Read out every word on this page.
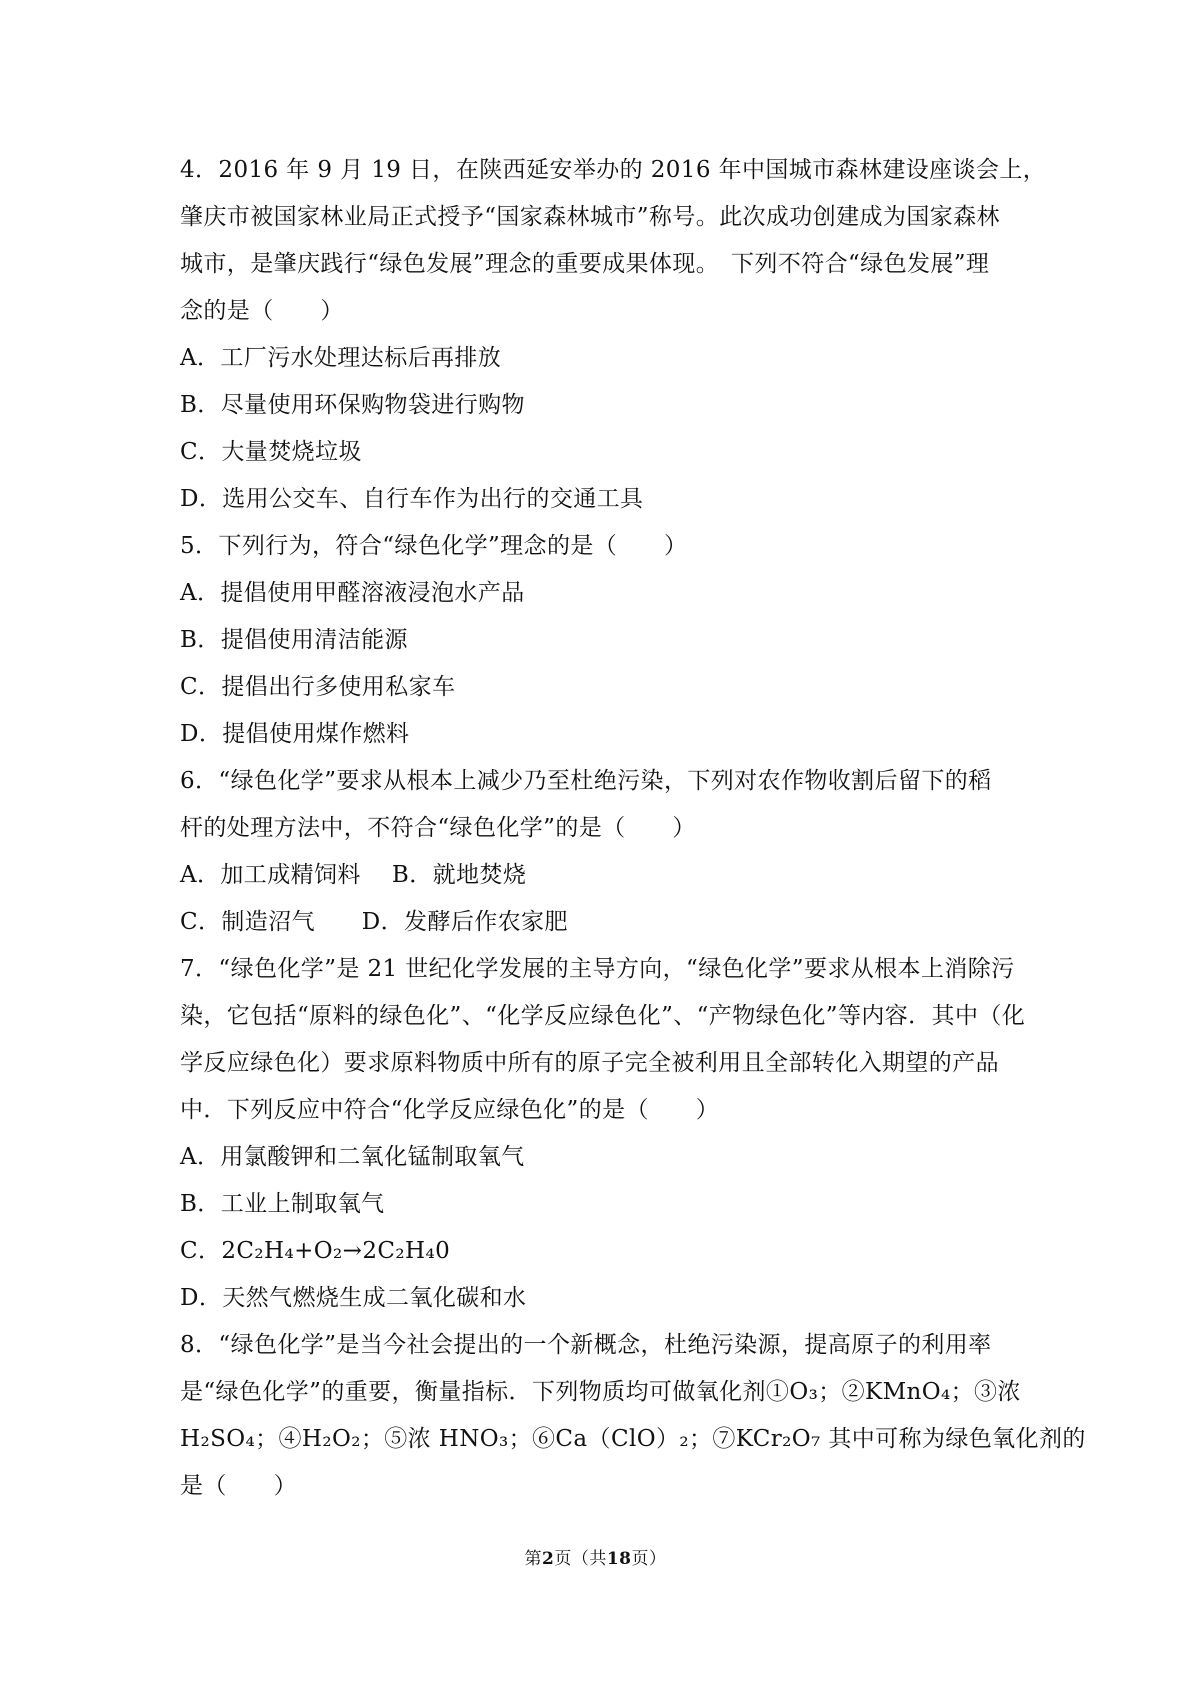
4．2016 年 9 月 19 日，在陕西延安举办的 2016 年中国城市森林建设座谈会上，
肇庆市被国家林业局正式授予“国家森林城市”称号。此次成功创建成为国家森林
城市，是肇庆践行“绿色发展”理念的重要成果体现。　下列不符合“绿色发展”理
念的是（　　）
A．工厂污水处理达标后再排放
B．尽量使用环保购物袋进行购物
C．大量焚烧垃圾
D．选用公交车、自行车作为出行的交通工具
5．下列行为，符合“绿色化学”理念的是（　　）
A．提倡使用甲醛溶液浸泡水产品
B．提倡使用清洁能源
C．提倡出行多使用私家车
D．提倡使用煤作燃料
6．“绿色化学”要求从根本上减少乃至杜绝污染，下列对农作物收割后留下的稻
杆的处理方法中，不符合“绿色化学”的是（　　）
A．加工成精饲料　 B．就地焚烧
C．制造沼气　　D．发酵后作农家肥
7．“绿色化学”是 21 世纪化学发展的主导方向，“绿色化学”要求从根本上消除污
染，它包括“原料的绿色化”、“化学反应绿色化”、“产物绿色化”等内容．其中（化
学反应绿色化）要求原料物质中所有的原子完全被利用且全部转化入期望的产品
中．下列反应中符合“化学反应绿色化”的是（　　）
A．用氯酸钾和二氧化锰制取氧气
B．工业上制取氧气
C．2C₂H₄+O₂→2C₂H₄0
D．天然气燃烧生成二氧化碳和水
8．“绿色化学”是当今社会提出的一个新概念，杜绝污染源，提高原子的利用率
是“绿色化学”的重要，衡量指标．下列物质均可做氧化剂①O₃；②KMnO₄；③浓
H₂SO₄；④H₂O₂；⑤浓 HNO₃；⑥Ca（ClO）₂；⑦KCr₂O₇ 其中可称为绿色氧化剂的
是（　　）
第2页（共18页）
